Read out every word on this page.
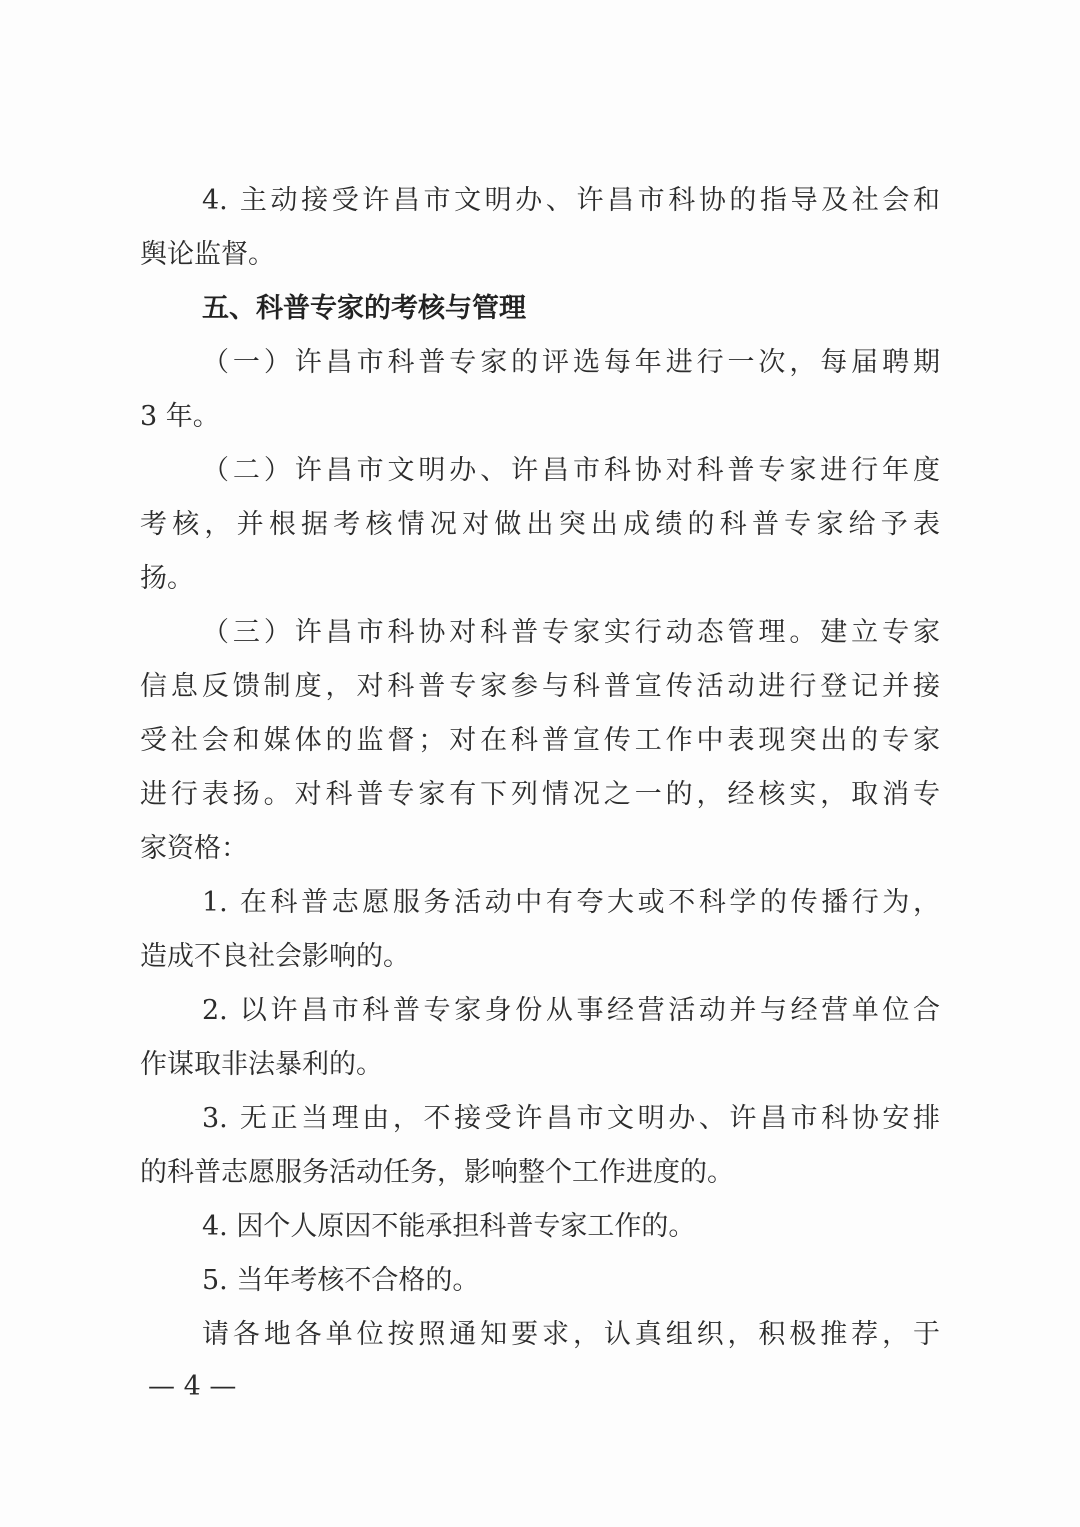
4. 主动接受许昌市文明办、许昌市科协的指导及社会和
舆论监督。
五、科普专家的考核与管理
（一）许昌市科普专家的评选每年进行一次，每届聘期
3 年。
（二）许昌市文明办、许昌市科协对科普专家进行年度
考核，并根据考核情况对做出突出成绩的科普专家给予表
扬。
（三）许昌市科协对科普专家实行动态管理。建立专家
信息反馈制度，对科普专家参与科普宣传活动进行登记并接
受社会和媒体的监督；对在科普宣传工作中表现突出的专家
进行表扬。对科普专家有下列情况之一的，经核实，取消专
家资格：
1. 在科普志愿服务活动中有夸大或不科学的传播行为，
造成不良社会影响的。
2. 以许昌市科普专家身份从事经营活动并与经营单位合
作谋取非法暴利的。
3. 无正当理由，不接受许昌市文明办、许昌市科协安排
的科普志愿服务活动任务，影响整个工作进度的。
4. 因个人原因不能承担科普专家工作的。
5. 当年考核不合格的。
请各地各单位按照通知要求，认真组织，积极推荐，于
— 4 —
